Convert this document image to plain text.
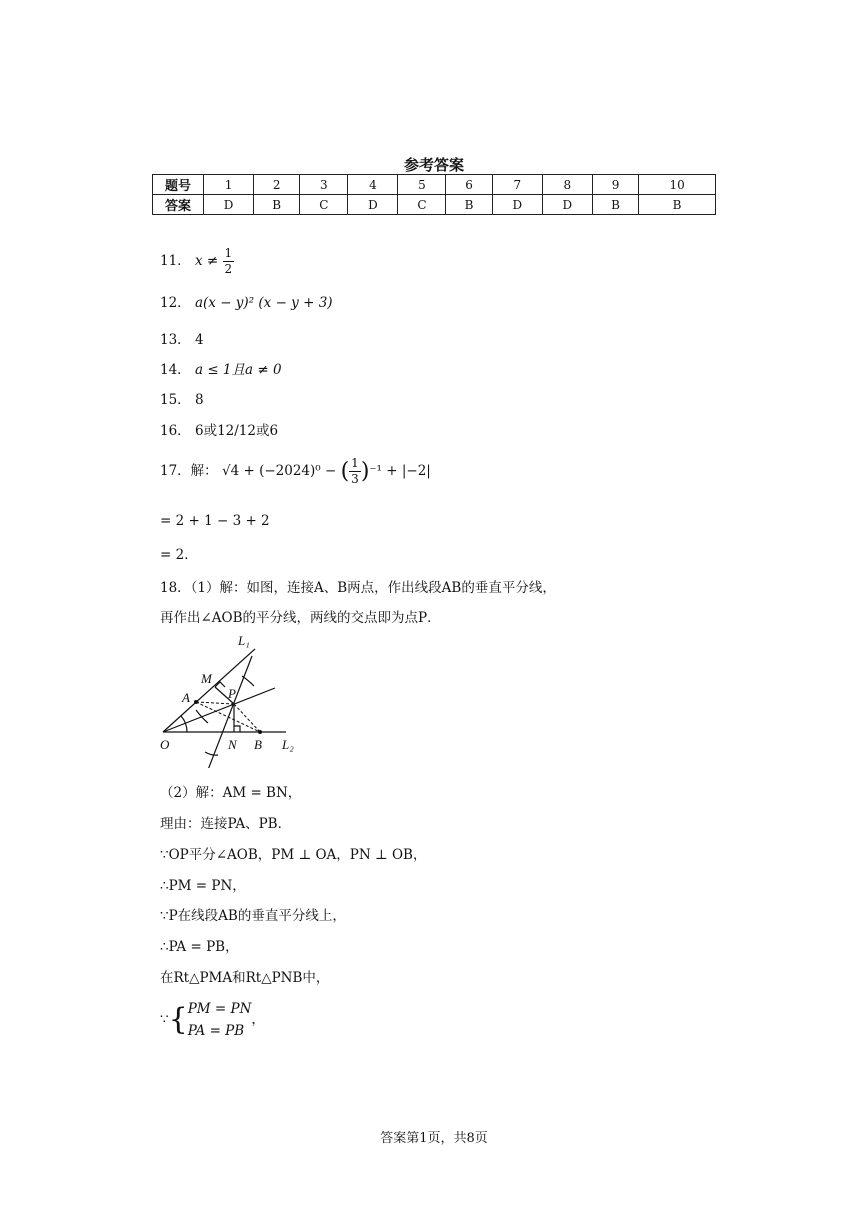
参考答案
题号	1	2	3	4	5	6	7	8	9	10
答案	D	B	C	D	C	B	D	D	B	B
11． $x \ne \frac{1}{2}$
12． a(x − y)² (x − y + 3)
13． 4
14． a ≤ 1且a ≠ 0
15． 8
16． 6或12/12或6
17．解： √4 + (−2024)⁰ − ( $\frac{1}{3} )^{-1} + |-2|$
= 2 + 1 − 3 + 2
= 2．
18．（1）解：如图，连接A、B两点，作出线段AB的垂直平分线，
再作出∠AOB的平分线，两线的交点即为点P．
L₁
L₂
O
A
M
P
N B
（2）解：AM = BN，
理由：连接PA、PB．
∵OP平分∠AOB，PM ⊥ OA，PN ⊥ OB，
∴PM = PN，
∵P在线段AB的垂直平分线上，
∴PA = PB，
在Rt△PMA和Rt△PNB中，
∵{ PM = PN
PA = PB
，
答案第1页，共8页
